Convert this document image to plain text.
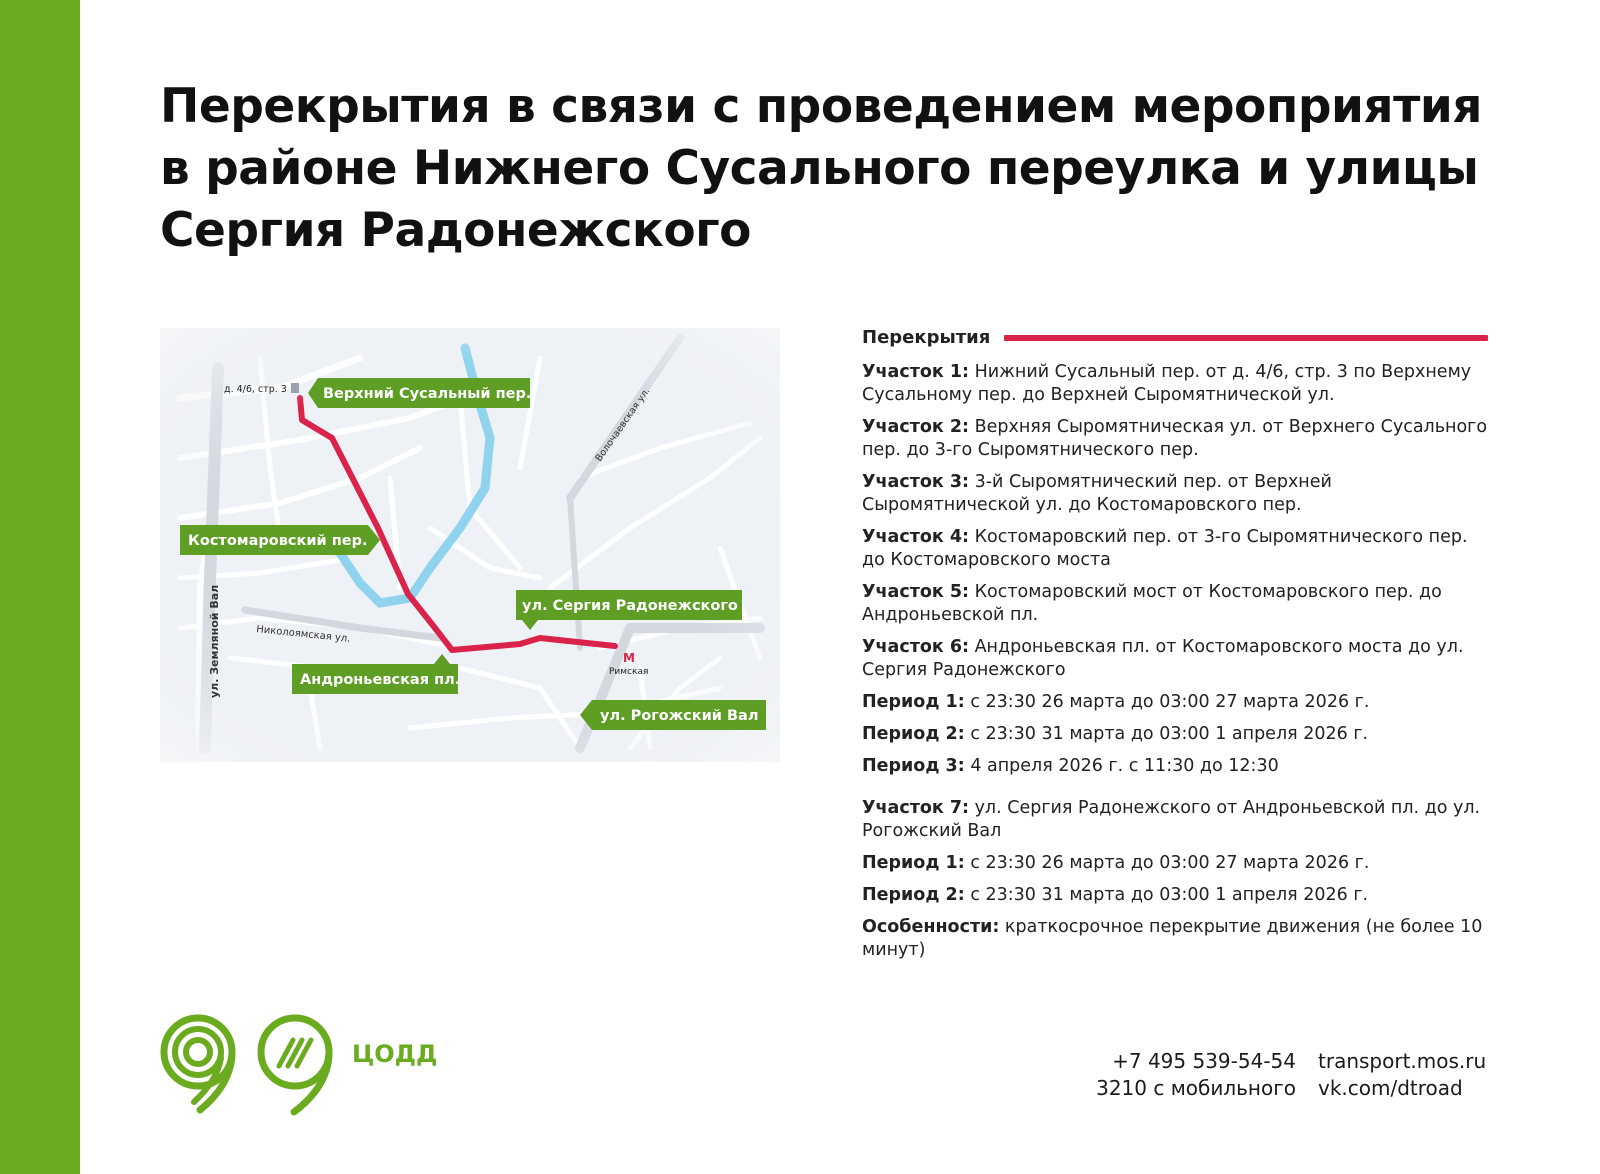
Перекрытия в связи с проведением мероприятия
в районе Нижнего Сусального переулка и улицы
Сергия Радонежского
д. 4/6, стр. 3 Верхний Сусальный пер.
Костомаровский пер.
ул. Сергия Радонежского
Андроньевская пл.
ул. Рогожский Вал
ул. Земляной Вал	Николоямская ул.
Волочаевская ул.
M
Римская
Перекрытия
Участок 1: Нижний Сусальный пер. от д. 4/6, стр. 3 по Верхнему Сусальному пер. до Верхней Сыромятнической ул.
Участок 2: Верхняя Сыромятническая ул. от Верхнего Сусального пер. до 3-го Сыромятнического пер.
Участок 3: 3-й Сыромятнический пер. от Верхней Сыромятнической ул. до Костомаровского пер.
Участок 4: Костомаровский пер. от 3-го Сыромятнического пер. до Костомаровского моста
Участок 5: Костомаровский мост от Костомаровского пер. до Андроньевской пл.
Участок 6: Андроньевская пл. от Костомаровского моста до ул. Сергия Радонежского
Период 1: с 23:30 26 марта до 03:00 27 марта 2026 г.
Период 2: с 23:30 31 марта до 03:00 1 апреля 2026 г.
Период 3: 4 апреля 2026 г. с 11:30 до 12:30
Участок 7: ул. Сергия Радонежского от Андроньевской пл. до ул. Рогожский Вал
Период 1: с 23:30 26 марта до 03:00 27 марта 2026 г.
Период 2: с 23:30 31 марта до 03:00 1 апреля 2026 г.
Особенности: краткосрочное перекрытие движения (не более 10 минут)
ЦОДД	+7 495 539-54-54
3210 с мобильного
transport.mos.ru
vk.com/dtroad
